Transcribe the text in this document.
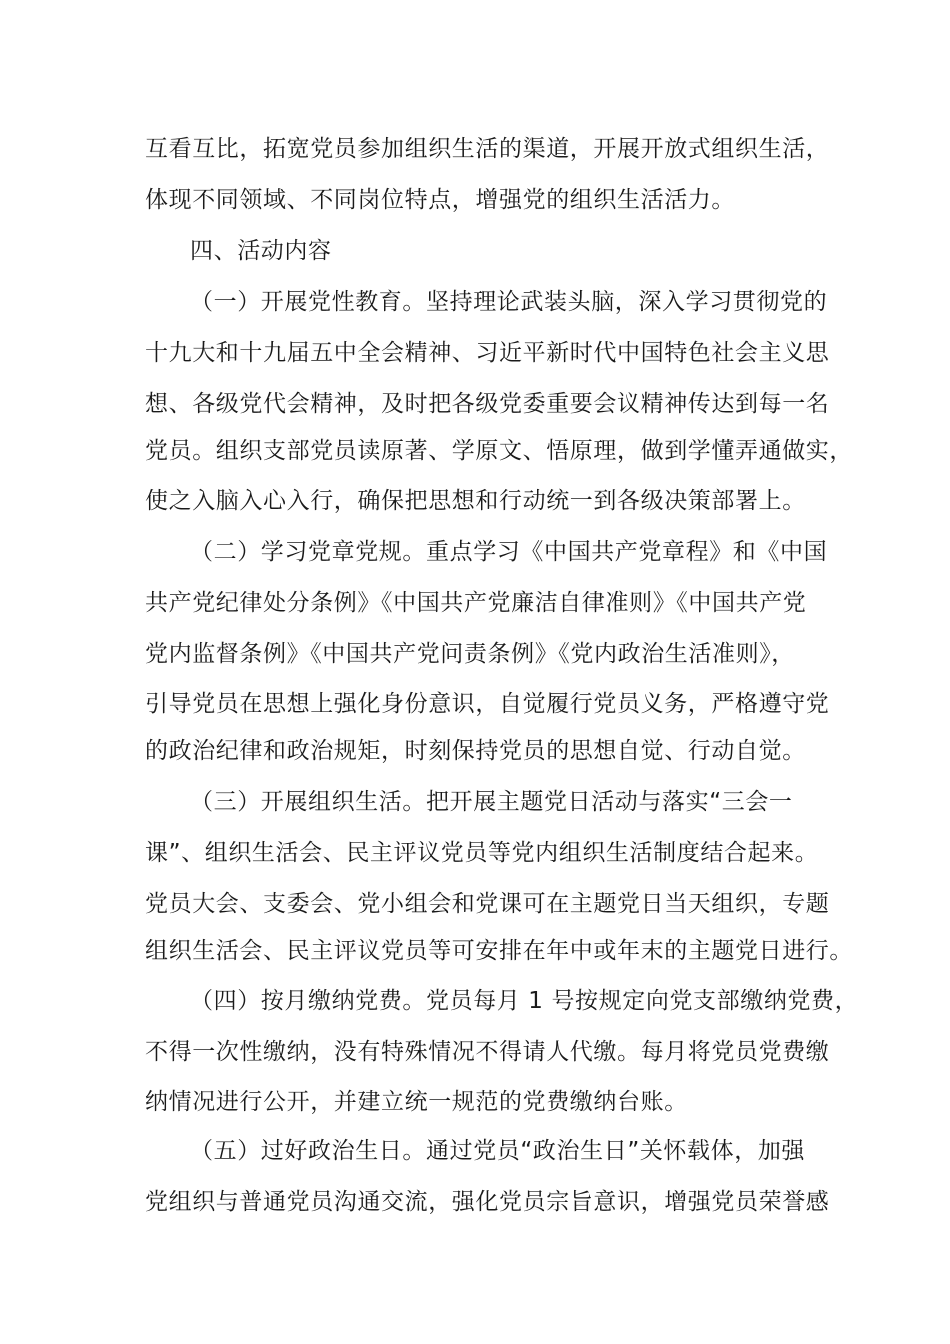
互看互比，拓宽党员参加组织生活的渠道，开展开放式组织生活，
体现不同领域、不同岗位特点，增强党的组织生活活力。
四、活动内容
（一）开展党性教育。坚持理论武装头脑，深入学习贯彻党的
十九大和十九届五中全会精神、习近平新时代中国特色社会主义思
想、各级党代会精神，及时把各级党委重要会议精神传达到每一名
党员。组织支部党员读原著、学原文、悟原理，做到学懂弄通做实，
使之入脑入心入行，确保把思想和行动统一到各级决策部署上。
（二）学习党章党规。重点学习《中国共产党章程》和《中国
共产党纪律处分条例》《中国共产党廉洁自律准则》《中国共产党
党内监督条例》《中国共产党问责条例》《党内政治生活准则》，
引导党员在思想上强化身份意识，自觉履行党员义务，严格遵守党
的政治纪律和政治规矩，时刻保持党员的思想自觉、行动自觉。
（三）开展组织生活。把开展主题党日活动与落实“三会一
课”、组织生活会、民主评议党员等党内组织生活制度结合起来。
党员大会、支委会、党小组会和党课可在主题党日当天组织，专题
组织生活会、民主评议党员等可安排在年中或年末的主题党日进行。
（四）按月缴纳党费。党员每月 1 号按规定向党支部缴纳党费，
不得一次性缴纳，没有特殊情况不得请人代缴。每月将党员党费缴
纳情况进行公开，并建立统一规范的党费缴纳台账。
（五）过好政治生日。通过党员“政治生日”关怀载体，加强
党组织与普通党员沟通交流，强化党员宗旨意识，增强党员荣誉感
